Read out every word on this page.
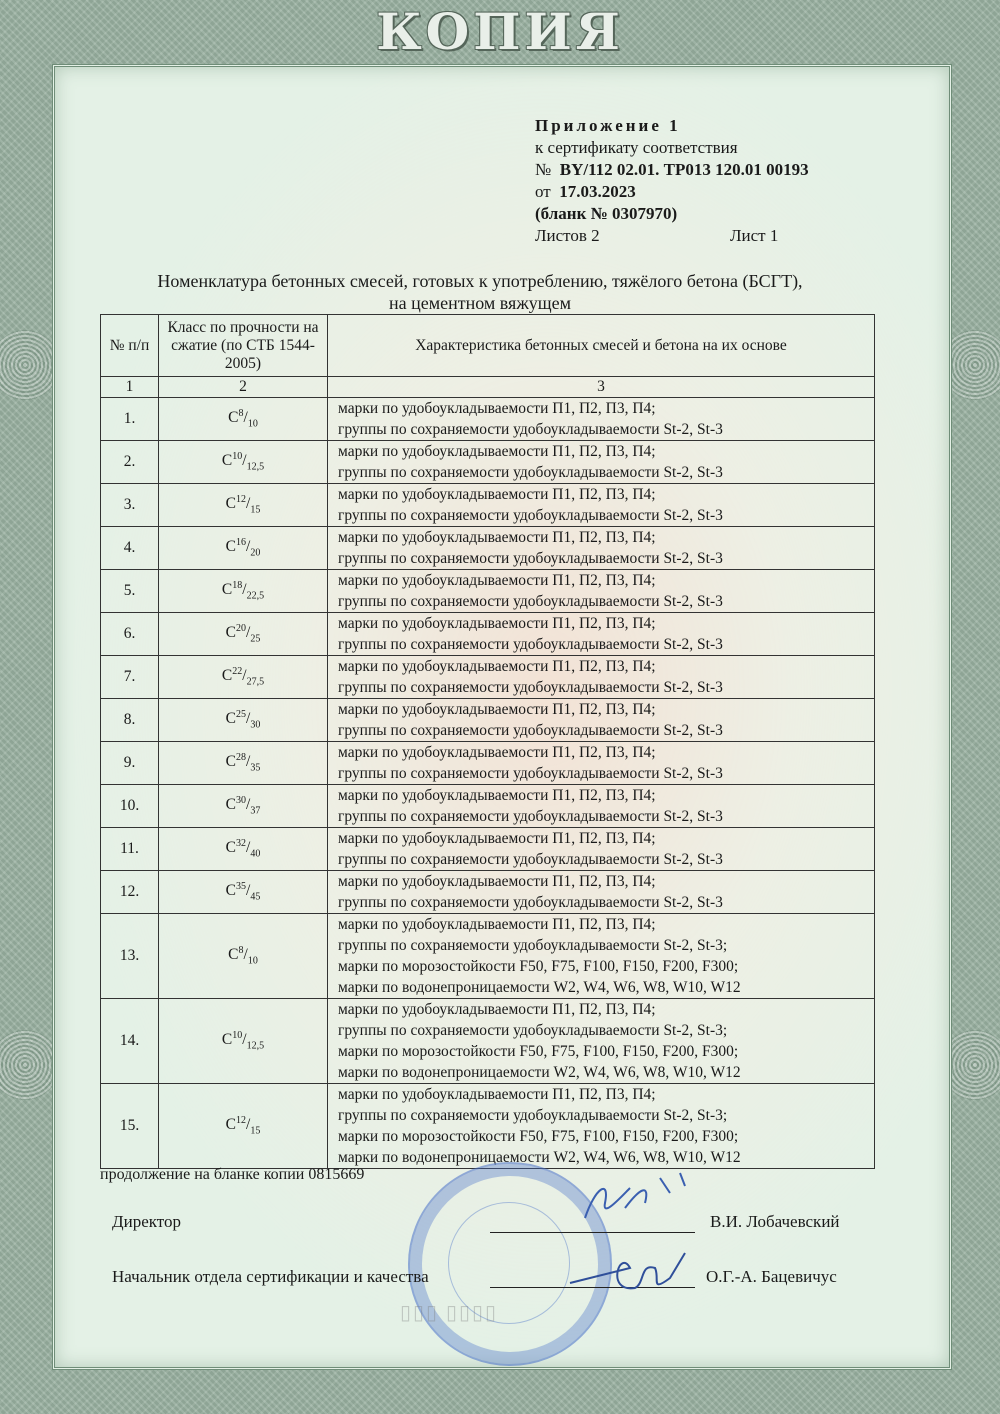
КОПИЯ
Приложение 1
к сертификату соответствия
№ BY/112 02.01. ТР013 120.01 00193
от 17.03.2023
(бланк № 0307970)
Листов 2	Лист 1
Номенклатура бетонных смесей, готовых к употреблению, тяжёлого бетона (БСГТ),
на цементном вяжущем
№ п/п	Класс по прочности на сжатие (по СТБ 1544-2005)	Характеристика бетонных смесей и бетона на их основе
1	2	3
1.	$C^8/_{10}$	марки по удобоукладываемости П1, П2, П3, П4;
группы по сохраняемости удобоукладываемости St-2, St-3

2.	$C^{10}/_{12,5}$	марки по удобоукладываемости П1, П2, П3, П4;
группы по сохраняемости удобоукладываемости St-2, St-3

3.	$C^{12}/_{15}$	марки по удобоукладываемости П1, П2, П3, П4;
группы по сохраняемости удобоукладываемости St-2, St-3

4.	$C^{16}/_{20}$	марки по удобоукладываемости П1, П2, П3, П4;
группы по сохраняемости удобоукладываемости St-2, St-3

5.	$C^{18}/_{22,5}$	марки по удобоукладываемости П1, П2, П3, П4;
группы по сохраняемости удобоукладываемости St-2, St-3

6.	$C^{20}/_{25}$	марки по удобоукладываемости П1, П2, П3, П4;
группы по сохраняемости удобоукладываемости St-2, St-3

7.	$C^{22}/_{27,5}$	марки по удобоукладываемости П1, П2, П3, П4;
группы по сохраняемости удобоукладываемости St-2, St-3

8.	$C^{25}/_{30}$	марки по удобоукладываемости П1, П2, П3, П4;
группы по сохраняемости удобоукладываемости St-2, St-3

9.	$C^{28}/_{35}$	марки по удобоукладываемости П1, П2, П3, П4;
группы по сохраняемости удобоукладываемости St-2, St-3

10.	$C^{30}/_{37}$	марки по удобоукладываемости П1, П2, П3, П4;
группы по сохраняемости удобоукладываемости St-2, St-3

11.	$C^{32}/_{40}$	марки по удобоукладываемости П1, П2, П3, П4;
группы по сохраняемости удобоукладываемости St-2, St-3

12.	$C^{35}/_{45}$	марки по удобоукладываемости П1, П2, П3, П4;
группы по сохраняемости удобоукладываемости St-2, St-3

13.	$C^8/_{10}$	марки по удобоукладываемости П1, П2, П3, П4;
группы по сохраняемости удобоукладываемости St-2, St-3;
марки по морозостойкости F50, F75, F100, F150, F200, F300;
марки по водонепроницаемости W2, W4, W6, W8, W10, W12

14.	$C^{10}/_{12,5}$	марки по удобоукладываемости П1, П2, П3, П4;
группы по сохраняемости удобоукладываемости St-2, St-3;
марки по морозостойкости F50, F75, F100, F150, F200, F300;
марки по водонепроницаемости W2, W4, W6, W8, W10, W12

15.	$C^{12}/_{15}$	марки по удобоукладываемости П1, П2, П3, П4;
группы по сохраняемости удобоукладываемости St-2, St-3;
марки по морозостойкости F50, F75, F100, F150, F200, F300;
марки по водонепроницаемости W2, W4, W6, W8, W10, W12
продолжение на бланке копии 0815669
▯▯▯ ▯▯▯▯
Директор	В.И. Лобачевский
Начальник отдела сертификации и качества	О.Г.-А. Бацевичус
